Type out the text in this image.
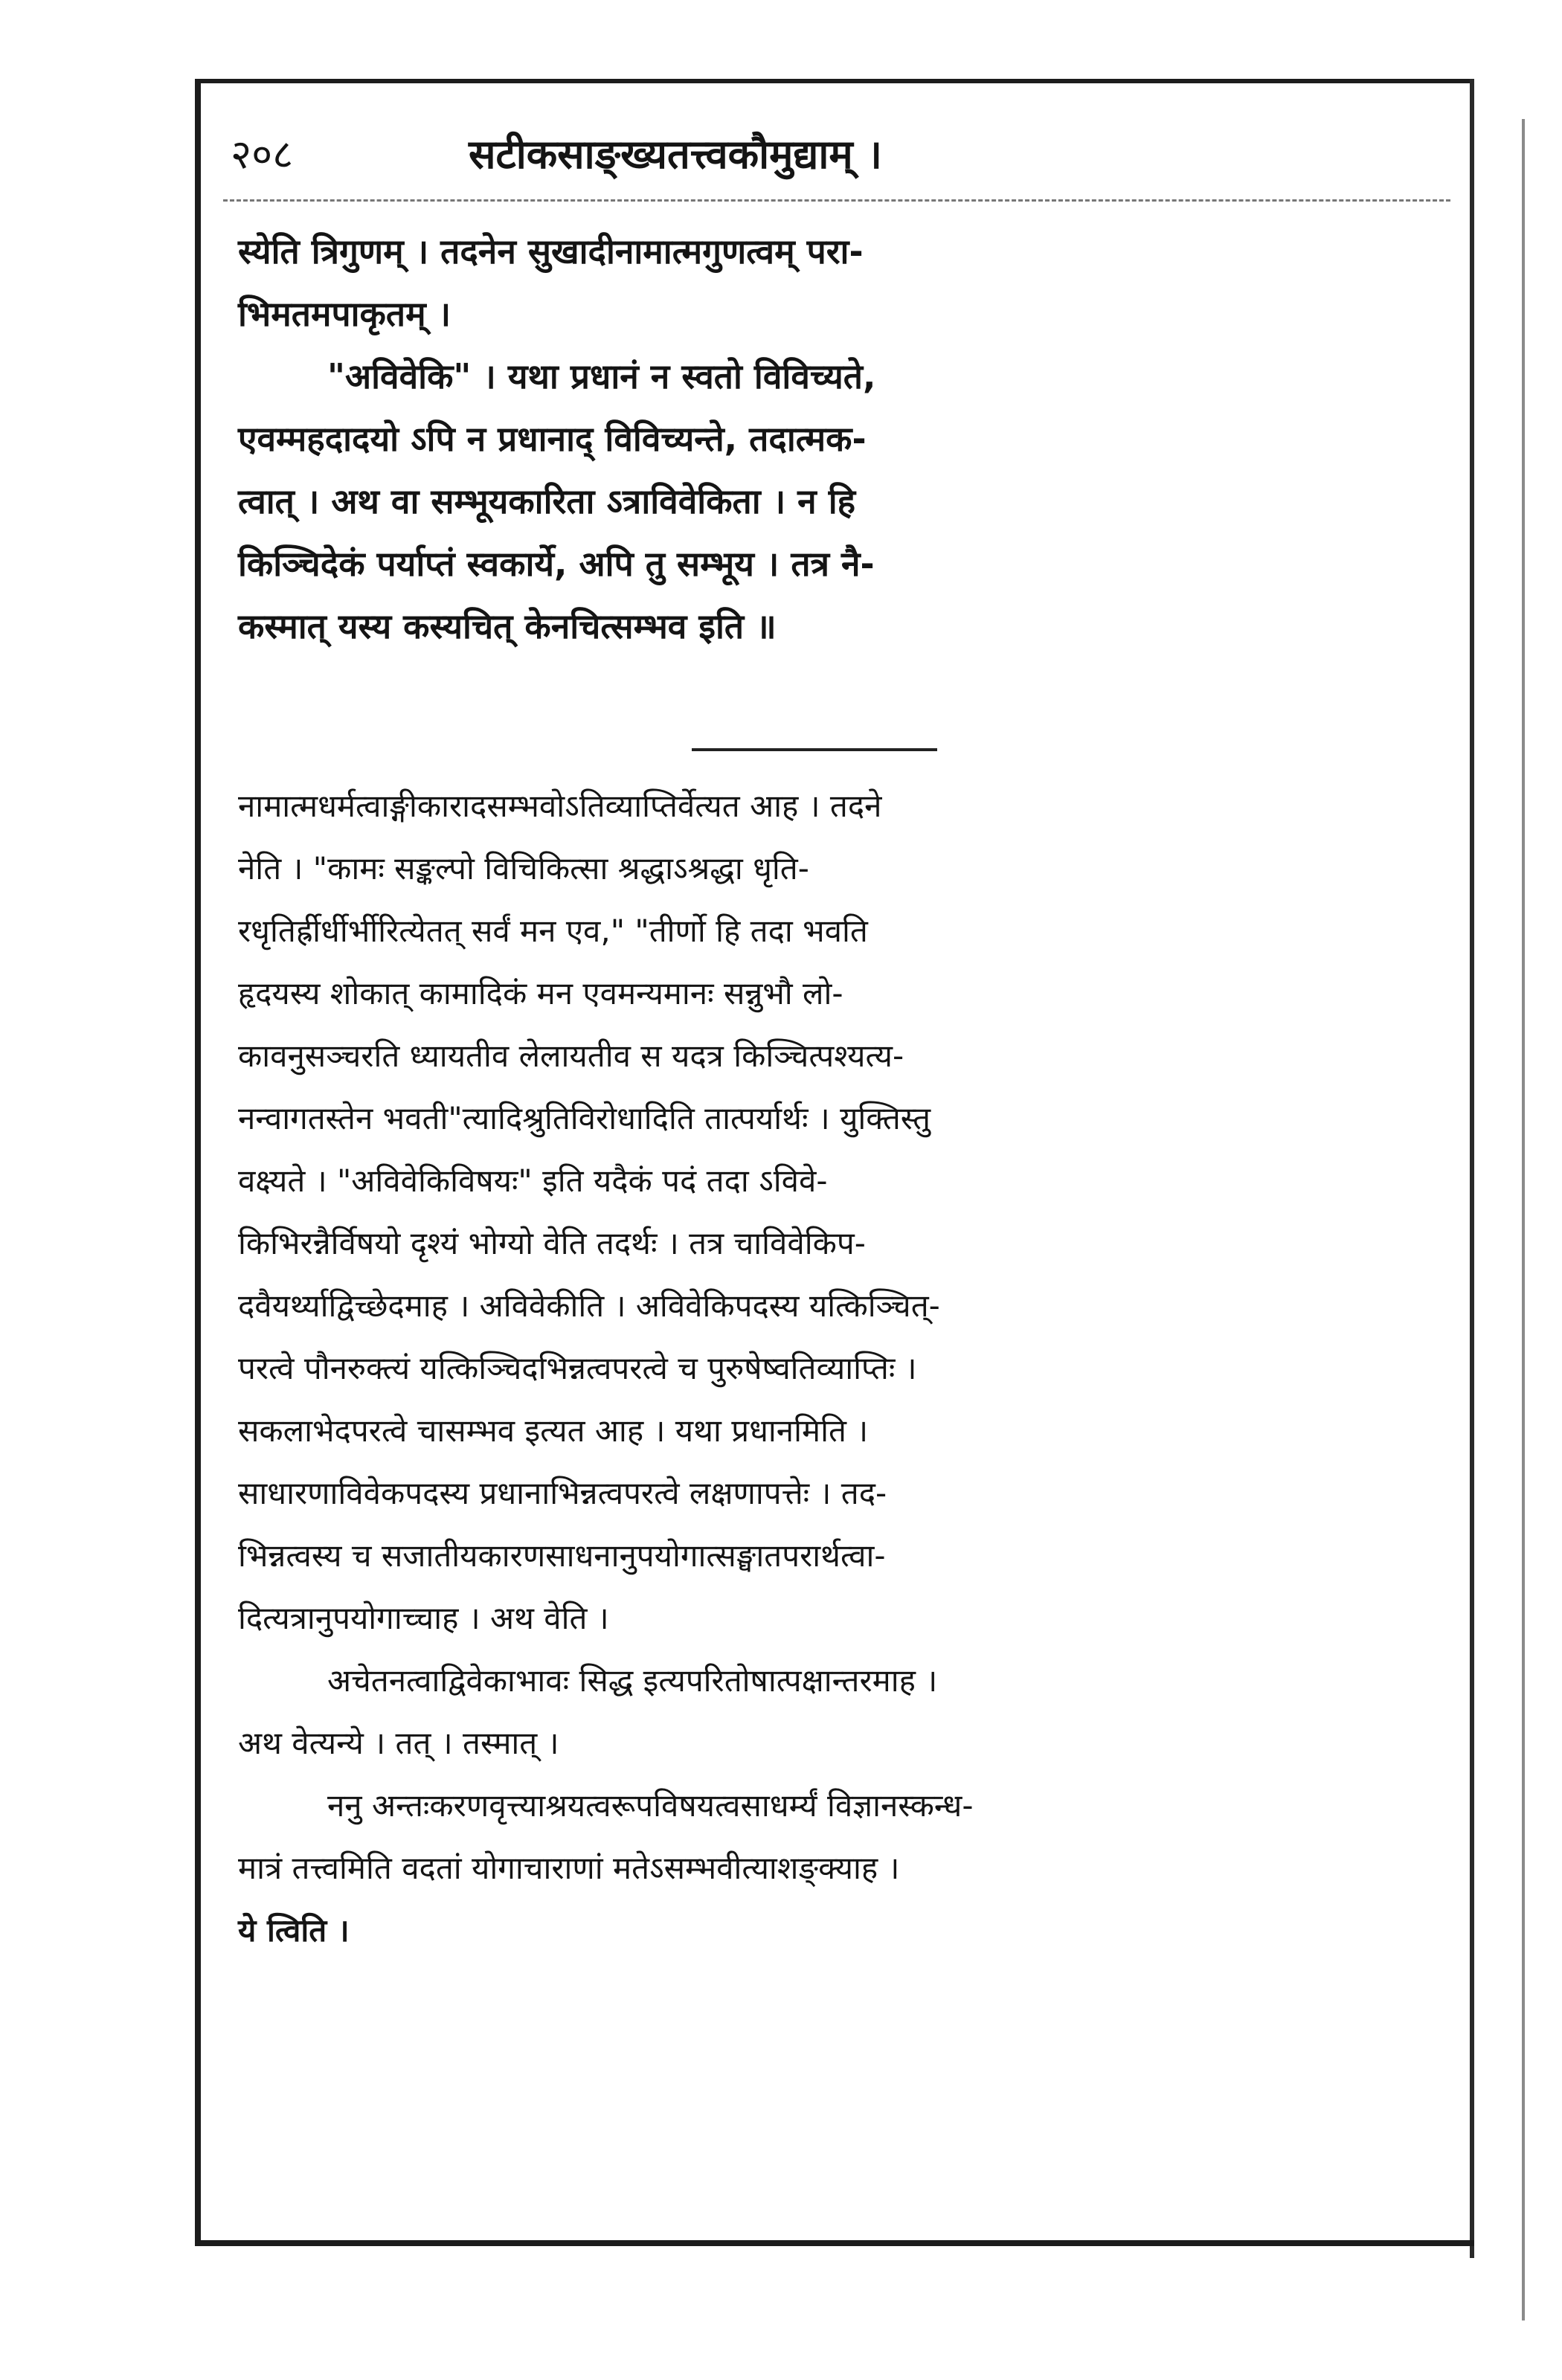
२०८	सटीकसाङ्ख्यतत्त्वकौमुद्याम् ।
स्येति त्रिगुणम् । तदनेन सुखादीनामात्मगुणत्वम् परा-
भिमतमपाकृतम् ।
"अविवेकि" । यथा प्रधानं न स्वतो विविच्यते,
एवम्महदादयो ऽपि न प्रधानाद् विविच्यन्ते, तदात्मक-
त्वात् । अथ वा सम्भूयकारिता ऽत्राविवेकिता । न हि
किञ्चिदेकं पर्याप्तं स्वकार्ये, अपि तु सम्भूय । तत्र नै-
कस्मात् यस्य कस्यचित् केनचित्सम्भव इति ॥
नामात्मधर्मत्वाङ्गीकारादसम्भवोऽतिव्याप्तिर्वेत्यत आह । तदने
नेति । "कामः सङ्कल्पो विचिकित्सा श्रद्धाऽश्रद्धा धृति-
रधृतिर्ह्रीर्धीर्भीरित्येतत् सर्वं मन एव," "तीर्णो हि तदा भवति
हृदयस्य शोकात् कामादिकं मन एवमन्यमानः सन्नुभौ लो-
कावनुसञ्चरति ध्यायतीव लेलायतीव स यदत्र किञ्चित्पश्यत्य-
नन्वागतस्तेन भवती"त्यादिश्रुतिविरोधादिति तात्पर्यार्थः । युक्तिस्तु
वक्ष्यते । "अविवेकिविषयः" इति यदैकं पदं तदा ऽविवे-
किभिरन्नैर्विषयो दृश्यं भोग्यो वेति तदर्थः । तत्र चाविवेकिप-
दवैयर्थ्याद्विच्छेदमाह । अविवेकीति । अविवेकिपदस्य यत्किञ्चित्-
परत्वे पौनरुक्त्यं यत्किञ्चिदभिन्नत्वपरत्वे च पुरुषेष्वतिव्याप्तिः ।
सकलाभेदपरत्वे चासम्भव इत्यत आह । यथा प्रधानमिति ।
साधारणाविवेकपदस्य प्रधानाभिन्नत्वपरत्वे लक्षणापत्तेः । तद-
भिन्नत्वस्य च सजातीयकारणसाधनानुपयोगात्सङ्घातपरार्थत्वा-
दित्यत्रानुपयोगाच्चाह । अथ वेति ।
अचेतनत्वाद्विवेकाभावः सिद्ध इत्यपरितोषात्पक्षान्तरमाह ।
अथ वेत्यन्ये । तत् । तस्मात् ।
ननु अन्तःकरणवृत्त्याश्रयत्वरूपविषयत्वसाधर्म्यं विज्ञानस्कन्ध-
मात्रं तत्त्वमिति वदतां योगाचाराणां मतेऽसम्भवीत्याशङ्क्याह ।
ये त्विति ।
